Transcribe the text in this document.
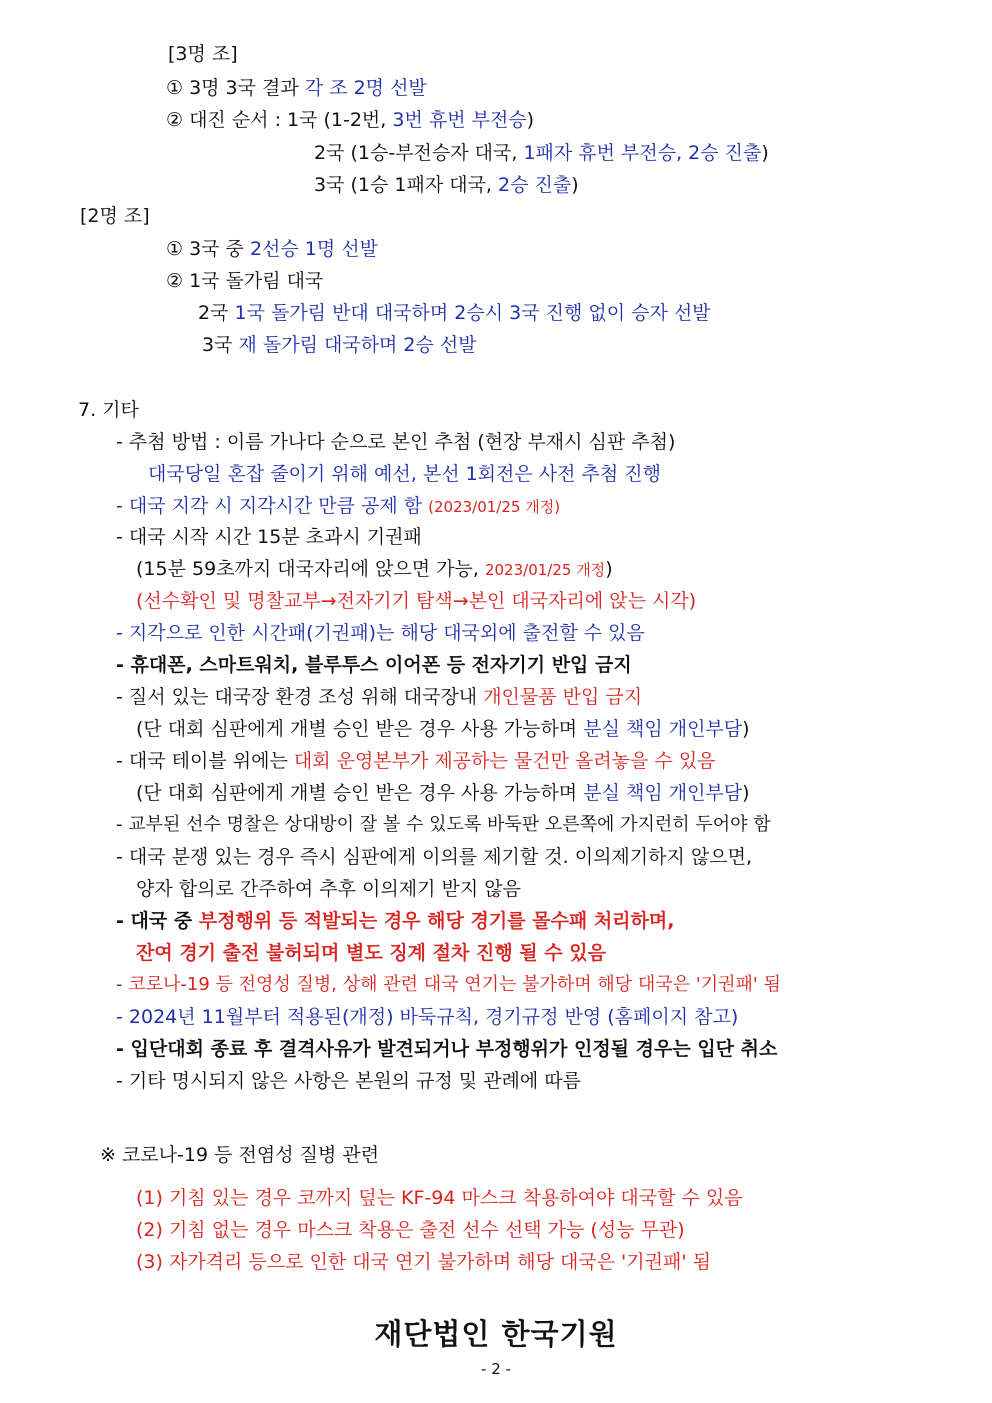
[3명 조]
① 3명 3국 결과 각 조 2명 선발
② 대진 순서 : 1국 (1-2번, 3번 휴번 부전승)
2국 (1승-부전승자 대국, 1패자 휴번 부전승, 2승 진출)
3국 (1승 1패자 대국, 2승 진출)
[2명 조]
① 3국 중 2선승 1명 선발
② 1국 돌가림 대국
2국 1국 돌가림 반대 대국하며 2승시 3국 진행 없이 승자 선발
3국 재 돌가림 대국하며 2승 선발
7. 기타
- 추첨 방법 : 이름 가나다 순으로 본인 추첨 (현장 부재시 심판 추첨)
대국당일 혼잡 줄이기 위해 예선, 본선 1회전은 사전 추첨 진행
- 대국 지각 시 지각시간 만큼 공제 함 (2023/01/25 개정)
- 대국 시작 시간 15분 초과시 기권패
(15분 59초까지 대국자리에 앉으면 가능, 2023/01/25 개정)
(선수확인 및 명찰교부→전자기기 탐색→본인 대국자리에 앉는 시각)
- 지각으로 인한 시간패(기권패)는 해당 대국외에 출전할 수 있음
- 휴대폰, 스마트워치, 블루투스 이어폰 등 전자기기 반입 금지
- 질서 있는 대국장 환경 조성 위해 대국장내 개인물품 반입 금지
(단 대회 심판에게 개별 승인 받은 경우 사용 가능하며 분실 책임 개인부담)
- 대국 테이블 위에는 대회 운영본부가 제공하는 물건만 올려놓을 수 있음
(단 대회 심판에게 개별 승인 받은 경우 사용 가능하며 분실 책임 개인부담)
- 교부된 선수 명찰은 상대방이 잘 볼 수 있도록 바둑판 오른쪽에 가지런히 두어야 함
- 대국 분쟁 있는 경우 즉시 심판에게 이의를 제기할 것. 이의제기하지 않으면,
양자 합의로 간주하여 추후 이의제기 받지 않음
- 대국 중 부정행위 등 적발되는 경우 해당 경기를 몰수패 처리하며,
잔여 경기 출전 불허되며 별도 징계 절차 진행 될 수 있음
- 코로나-19 등 전영성 질병, 상해 관련 대국 연기는 불가하며 해당 대국은 '기권패' 됨
- 2024년 11월부터 적용된(개정) 바둑규칙, 경기규정 반영 (홈페이지 참고)
- 입단대회 종료 후 결격사유가 발견되거나 부정행위가 인정될 경우는 입단 취소
- 기타 명시되지 않은 사항은 본원의 규정 및 관례에 따름
※ 코로나-19 등 전염성 질병 관련
(1) 기침 있는 경우 코까지 덮는 KF-94 마스크 착용하여야 대국할 수 있음
(2) 기침 없는 경우 마스크 착용은 출전 선수 선택 가능 (성능 무관)
(3) 자가격리 등으로 인한 대국 연기 불가하며 해당 대국은 '기권패' 됨
재단법인 한국기원
- 2 -
